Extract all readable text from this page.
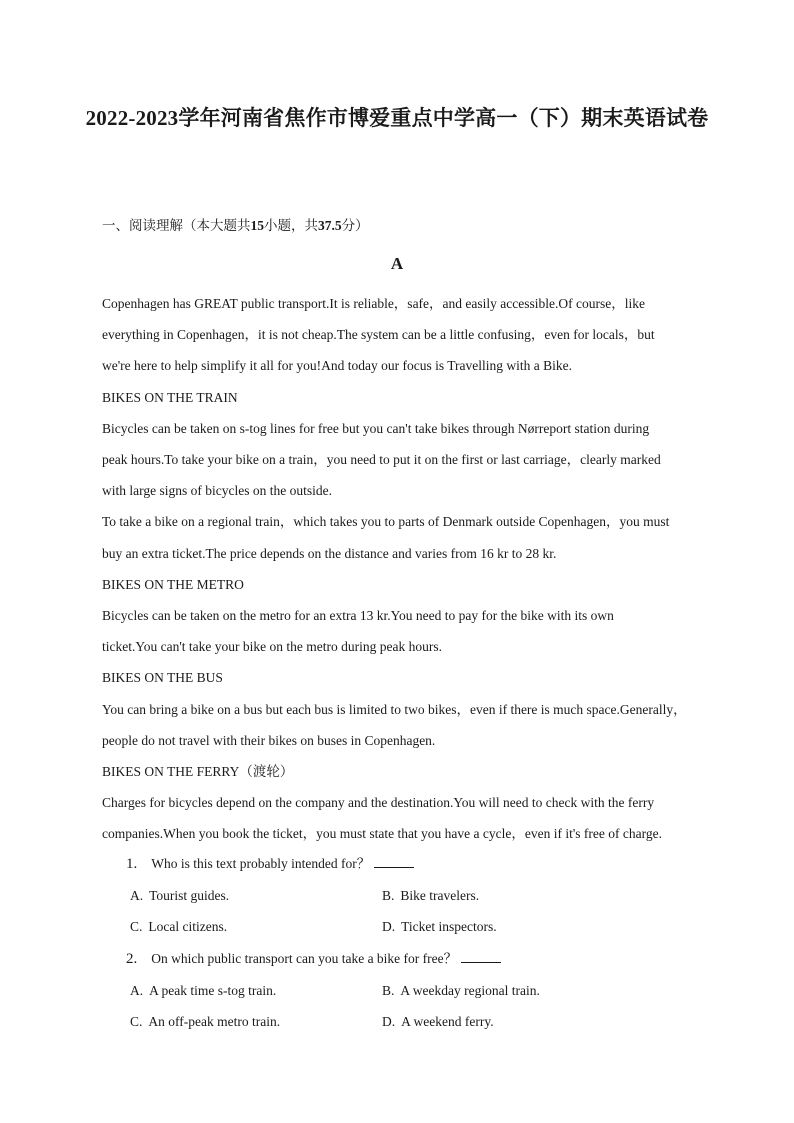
2022-2023学年河南省焦作市博爱重点中学高一（下）期末英语试卷
一、阅读理解（本大题共15小题，共37.5分）
A

Copenhagen has GREAT public transport.It is reliable，safe，and easily accessible.Of course，like

everything in Copenhagen，it is not cheap.The system can be a little confusing，even for locals，but

we're here to help simplify it all for you!And today our focus is Travelling with a Bike.

BIKES ON THE TRAIN

Bicycles can be taken on s-tog lines for free but you can't take bikes through Nørreport station during

peak hours.To take your bike on a train，you need to put it on the first or last carriage，clearly marked

with large signs of bicycles on the outside.

To take a bike on a regional train，which takes you to parts of Denmark outside Copenhagen，you must

buy an extra ticket.The price depends on the distance and varies from 16 kr to 28 kr.

BIKES ON THE METRO

Bicycles can be taken on the metro for an extra 13 kr.You need to pay for the bike with its own

ticket.You can't take your bike on the metro during peak hours.

BIKES ON THE BUS

You can bring a bike on a bus but each bus is limited to two bikes，even if there is much space.Generally，

people do not travel with their bikes on buses in Copenhagen.

BIKES ON THE FERRY（渡轮）

Charges for bicycles depend on the company and the destination.You will need to check with the ferry

companies.When you book the ticket，you must state that you have a cycle，even if it's free of charge.

1. Who is this text probably intended for？

A. Tourist guides.	B. Bike travelers.
C. Local citizens.	D. Ticket inspectors.

2. On which public transport can you take a bike for free？

A. A peak time s-tog train.	B. A weekday regional train.
C. An off-peak metro train.	D. A weekend ferry.
